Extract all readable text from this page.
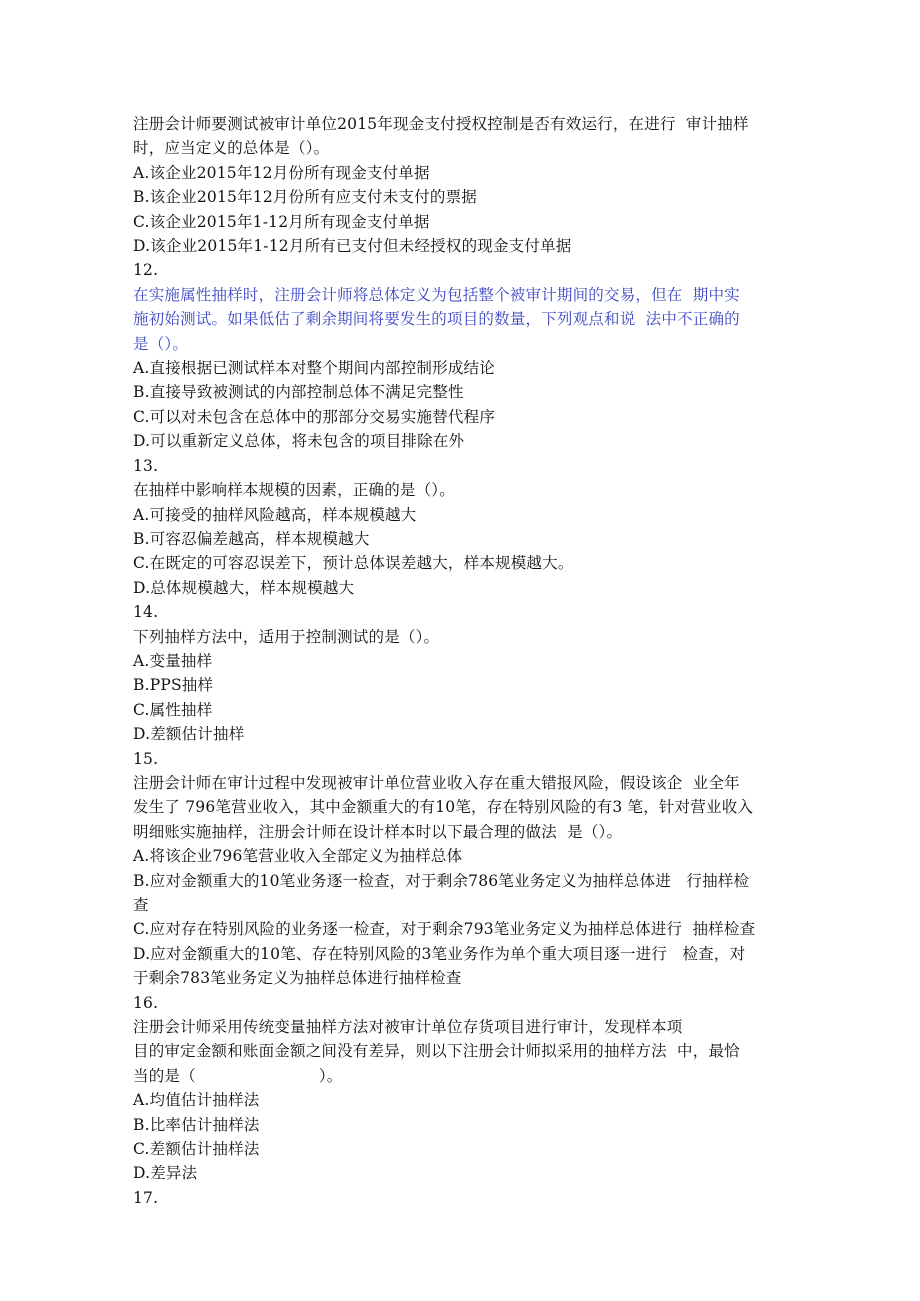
注册会计师要测试被审计单位2015年现金支付授权控制是否有效运行，在进行  审计抽样
时，应当定义的总体是（）。
A.该企业2015年12月份所有现金支付单据
B.该企业2015年12月份所有应支付未支付的票据
C.该企业2015年1-12月所有现金支付单据
D.该企业2015年1-12月所有已支付但未经授权的现金支付单据
12.
在实施属性抽样时，注册会计师将总体定义为包括整个被审计期间的交易，但在  期中实
施初始测试。如果低估了剩余期间将要发生的项目的数量，下列观点和说  法中不正确的
是（）。
A.直接根据已测试样本对整个期间内部控制形成结论
B.直接导致被测试的内部控制总体不满足完整性
C.可以对未包含在总体中的那部分交易实施替代程序
D.可以重新定义总体，将未包含的项目排除在外
13.
在抽样中影响样本规模的因素，正确的是（）。
A.可接受的抽样风险越高，样本规模越大
B.可容忍偏差越高，样本规模越大
C.在既定的可容忍误差下，预计总体误差越大，样本规模越大。
D.总体规模越大，样本规模越大
14.
下列抽样方法中，适用于控制测试的是（）。
A.变量抽样
B.PPS抽样
C.属性抽样
D.差额估计抽样
15.
注册会计师在审计过程中发现被审计单位营业收入存在重大错报风险，假设该企  业全年
发生了 796笔营业收入，其中金额重大的有10笔，存在特别风险的有3 笔，针对营业收入
明细账实施抽样，注册会计师在设计样本时以下最合理的做法  是（）。
A.将该企业796笔营业收入全部定义为抽样总体
B.应对金额重大的10笔业务逐一检查，对于剩余786笔业务定义为抽样总体进   行抽样检
查
C.应对存在特别风险的业务逐一检查，对于剩余793笔业务定义为抽样总体进行  抽样检查
D.应对金额重大的10笔、存在特别风险的3笔业务作为单个重大项目逐一进行   检查，对
于剩余783笔业务定义为抽样总体进行抽样检查
16.
注册会计师采用传统变量抽样方法对被审计单位存货项目进行审计，发现样本项
目的审定金额和账面金额之间没有差异，则以下注册会计师拟采用的抽样方法  中，最恰
当的是（                        ）。
A.均值估计抽样法
B.比率估计抽样法
C.差额估计抽样法
D.差异法
17.
